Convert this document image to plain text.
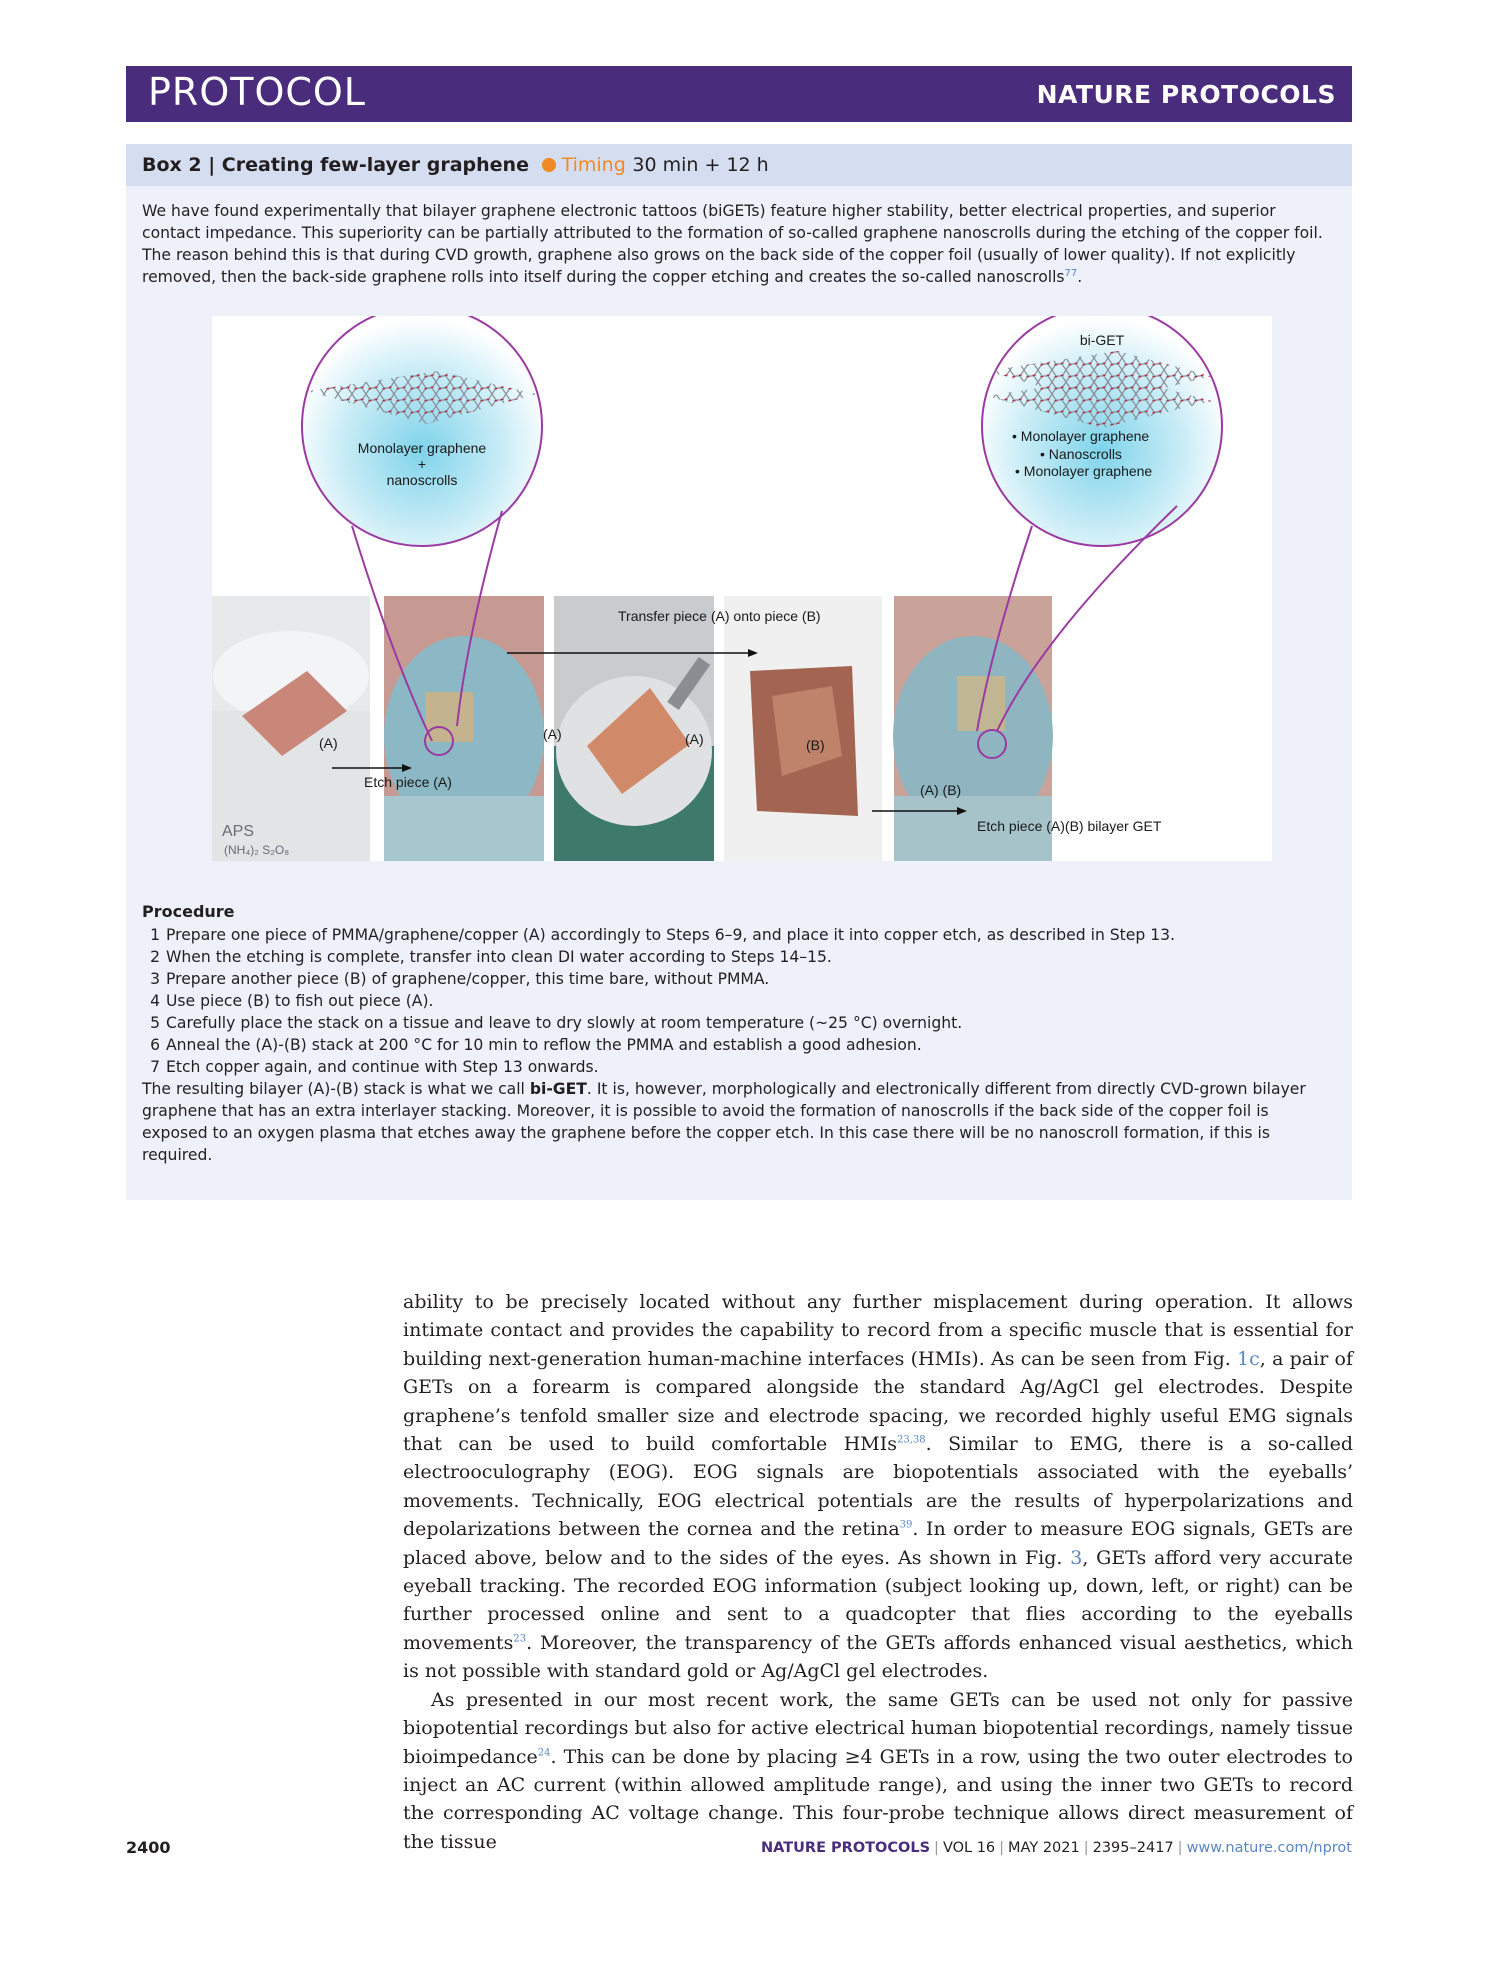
PROTOCOL	NATURE PROTOCOLS
Box 2 | Creating few-layer graphene Timing 30 min + 12 h
We have found experimentally that bilayer graphene electronic tattoos (biGETs) feature higher stability, better electrical properties, and superior contact impedance. This superiority can be partially attributed to the formation of so-called graphene nanoscrolls during the etching of the copper foil. The reason behind this is that during CVD growth, graphene also grows on the back side of the copper foil (usually of lower quality). If not explicitly removed, then the back-side graphene rolls into itself during the copper etching and creates the so-called nanoscrolls$^{77}$.
APS
(NH₄)₂ S₂O₈
Monolayer graphene
+
nanoscrolls
bi-GET
• Monolayer graphene
• Nanoscrolls
• Monolayer graphene
Transfer piece (A) onto piece (B)
Etch piece (A)
Etch piece (A)(B) bilayer GET
(A)
(A)	(A)	(B)
(A) (B)
Procedure
1 Prepare one piece of PMMA/graphene/copper (A) accordingly to Steps 6–9, and place it into copper etch, as described in Step 13.
2 When the etching is complete, transfer into clean DI water according to Steps 14–15.
3 Prepare another piece (B) of graphene/copper, this time bare, without PMMA.
4 Use piece (B) to fish out piece (A).
5 Carefully place the stack on a tissue and leave to dry slowly at room temperature (~25 °C) overnight.
6 Anneal the (A)-(B) stack at 200 °C for 10 min to reflow the PMMA and establish a good adhesion.
7 Etch copper again, and continue with Step 13 onwards.
The resulting bilayer (A)-(B) stack is what we call bi-GET. It is, however, morphologically and electronically different from directly CVD-grown bilayer graphene that has an extra interlayer stacking. Moreover, it is possible to avoid the formation of nanoscrolls if the back side of the copper foil is exposed to an oxygen plasma that etches away the graphene before the copper etch. In this case there will be no nanoscroll formation, if this is required.

ability to be precisely located without any further misplacement during operation. It allows intimate contact and provides the capability to record from a specific muscle that is essential for building next-generation human-machine interfaces (HMIs). As can be seen from Fig. 1c, a pair of GETs on a forearm is compared alongside the standard Ag/AgCl gel electrodes. Despite graphene’s tenfold smaller size and electrode spacing, we recorded highly useful EMG signals that can be used to build comfortable HMIs$^{23,38}$. Similar to EMG, there is a so-called electrooculography (EOG). EOG signals are biopotentials associated with the eyeballs’ movements. Technically, EOG electrical potentials are the results of hyperpolarizations and depolarizations between the cornea and the retina$^{39}$. In order to measure EOG signals, GETs are placed above, below and to the sides of the eyes. As shown in Fig. 3, GETs afford very accurate eyeball tracking. The recorded EOG information (subject looking up, down, left, or right) can be further processed online and sent to a quadcopter that flies according to the eyeballs movements$^{23}$. Moreover, the transparency of the GETs affords enhanced visual aesthetics, which is not possible with standard gold or Ag/AgCl gel electrodes.

As presented in our most recent work, the same GETs can be used not only for passive biopotential recordings but also for active electrical human biopotential recordings, namely tissue bioimpedance$^{24}$. This can be done by placing ≥4 GETs in a row, using the two outer electrodes to inject an AC current (within allowed amplitude range), and using the inner two GETs to record the corresponding AC voltage change. This four-probe technique allows direct measurement of the tissue

2400	NATURE PROTOCOLS | VOL 16 | MAY 2021 | 2395–2417 | www.nature.com/nprot
